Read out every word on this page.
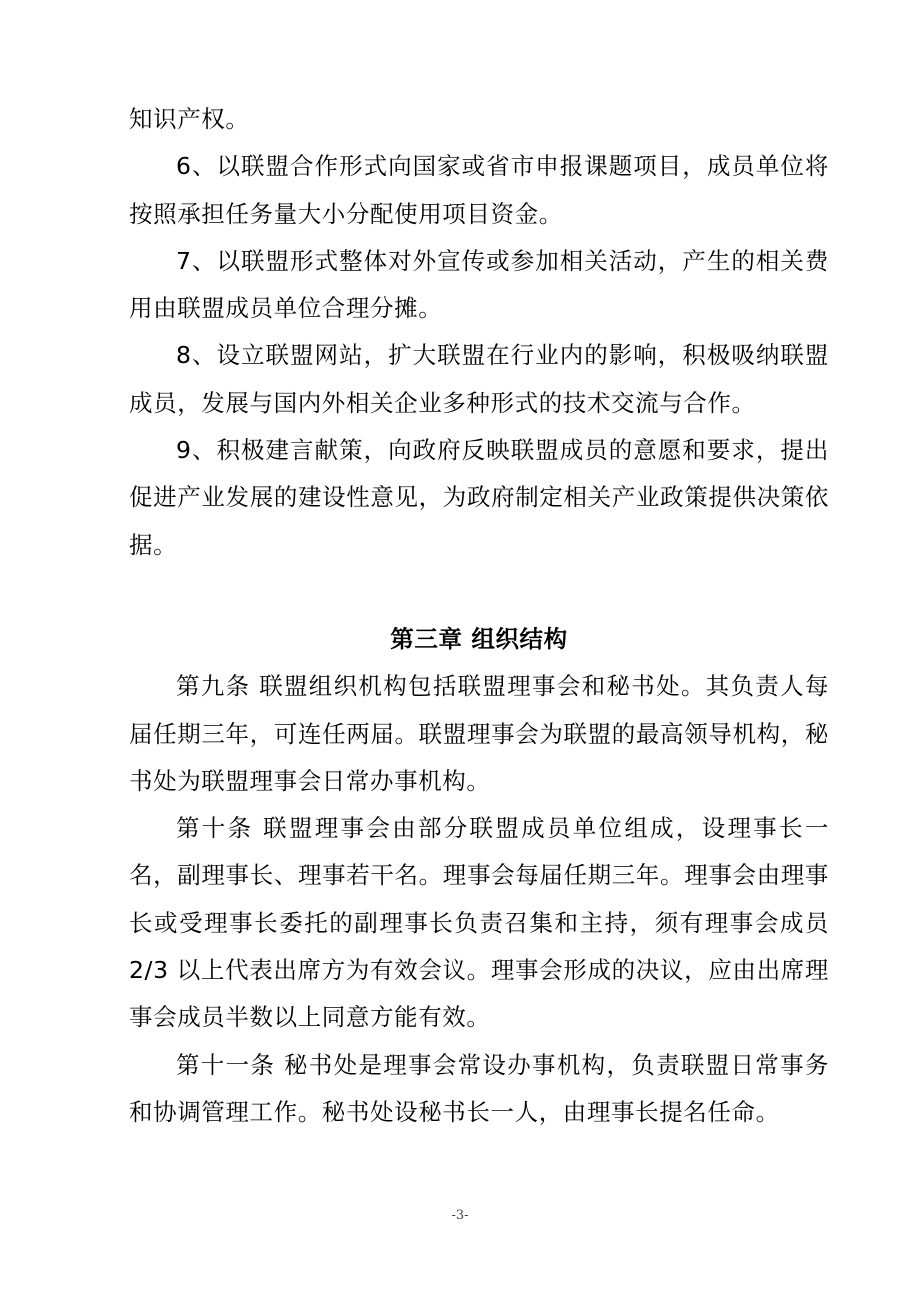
知识产权。

6、以联盟合作形式向国家或省市申报课题项目，成员单位将按照承担任务量大小分配使用项目资金。

7、以联盟形式整体对外宣传或参加相关活动，产生的相关费用由联盟成员单位合理分摊。

8、设立联盟网站，扩大联盟在行业内的影响，积极吸纳联盟成员，发展与国内外相关企业多种形式的技术交流与合作。

9、积极建言献策，向政府反映联盟成员的意愿和要求，提出促进产业发展的建设性意见，为政府制定相关产业政策提供决策依据。

第三章 组织结构

第九条 联盟组织机构包括联盟理事会和秘书处。其负责人每届任期三年，可连任两届。联盟理事会为联盟的最高领导机构，秘书处为联盟理事会日常办事机构。

第十条 联盟理事会由部分联盟成员单位组成，设理事长一名，副理事长、理事若干名。理事会每届任期三年。理事会由理事长或受理事长委托的副理事长负责召集和主持，须有理事会成员 2/3 以上代表出席方为有效会议。理事会形成的决议，应由出席理事会成员半数以上同意方能有效。

第十一条 秘书处是理事会常设办事机构，负责联盟日常事务和协调管理工作。秘书处设秘书长一人，由理事长提名任命。

-3-
